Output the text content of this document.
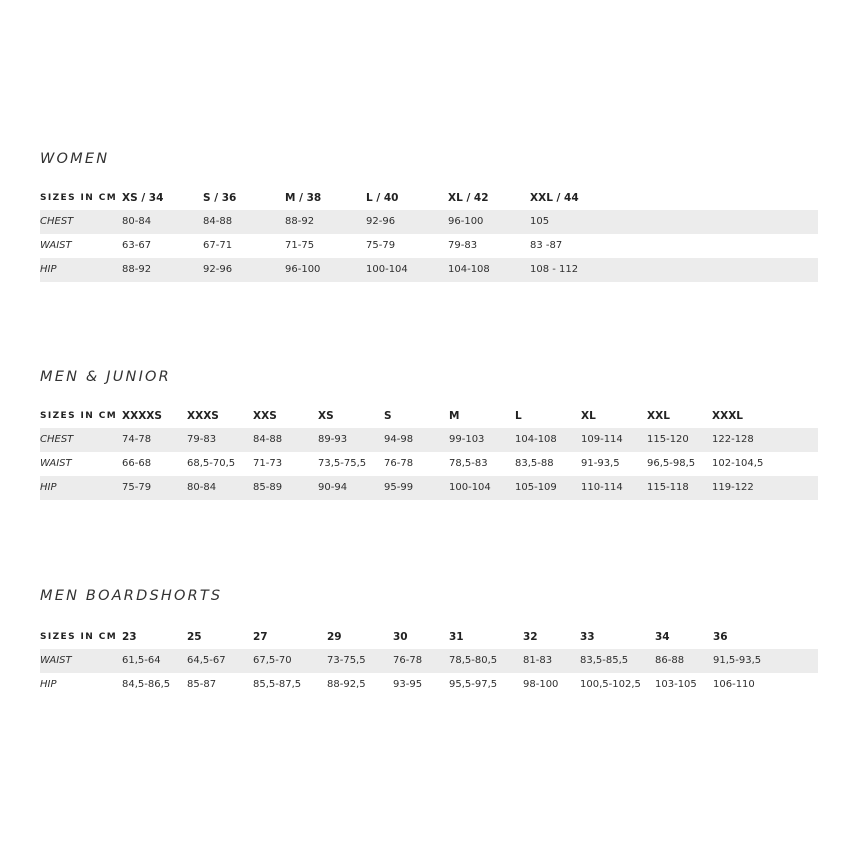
WOMEN
SIZES IN CM XS / 34	S / 36	M / 38	L / 40	XL / 42	XXL / 44
CHEST	80-84	84-88	88-92	92-96	96-100	105
WAIST	63-67	67-71	71-75	75-79	79-83	83 -87
HIP	88-92	92-96	96-100	100-104	104-108	108 - 112
MEN & JUNIOR
SIZES IN CM XXXXS XXXS	XXS	XS	S	M	L	XL	XXL	XXXL
CHEST	74-78	79-83	84-88	89-93	94-98	99-103	104-108 109-114 115-120 122-128
WAIST	66-68	68,5-70,5 71-73	73,5-75,5 76-78	78,5-83	83,5-88	91-93,5	96,5-98,5 102-104,5
HIP	75-79	80-84	85-89	90-94	95-99	100-104 105-109 110-114 115-118 119-122
MEN BOARDSHORTS
SIZES IN CM 23	25	27	29	30	31	32	33	34	36
WAIST	61,5-64	64,5-67	67,5-70	73-75,5	76-78	78,5-80,5	81-83	83,5-85,5	86-88	91,5-93,5
HIP	84,5-86,5 85-87	85,5-87,5	88-92,5	93-95	95,5-97,5	98-100 100,5-102,5 103-105 106-110
